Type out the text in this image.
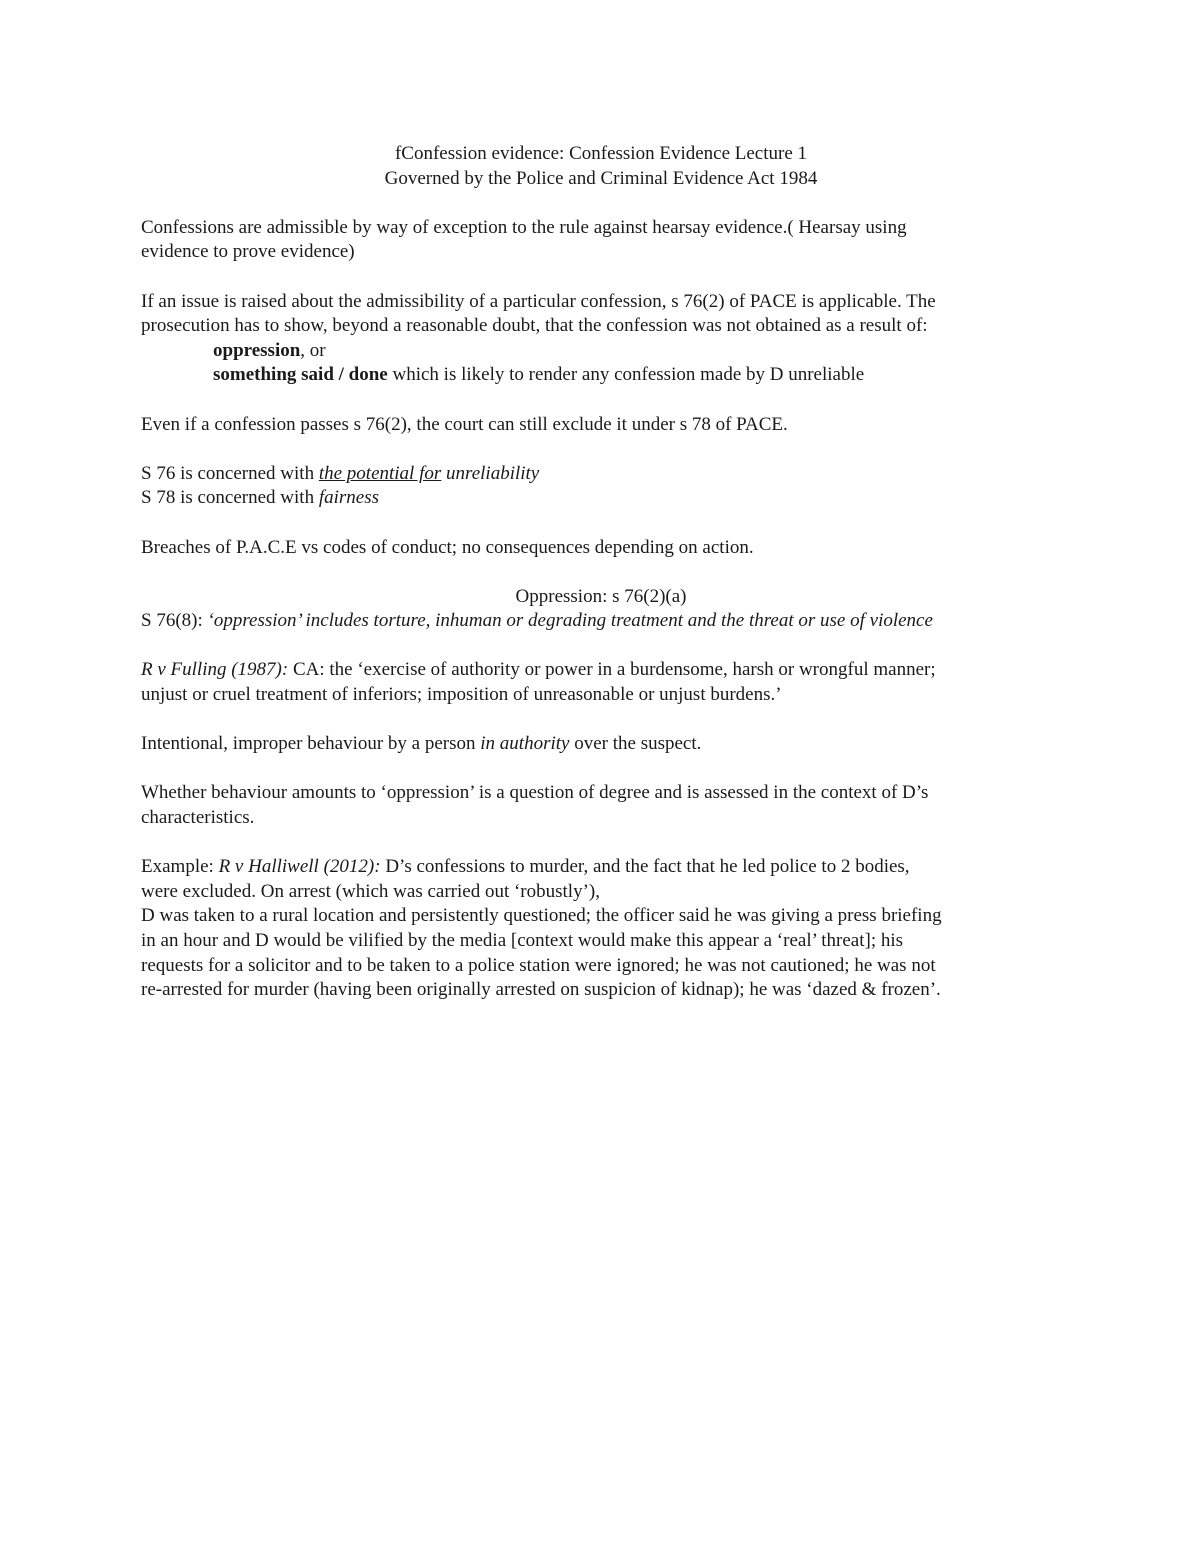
fConfession evidence: Confession Evidence Lecture 1

Governed by the Police and Criminal Evidence Act 1984

Confessions are admissible by way of exception to the rule against hearsay evidence.( Hearsay using

evidence to prove evidence)

If an issue is raised about the admissibility of a particular confession, s 76(2) of PACE is applicable. The

prosecution has to show, beyond a reasonable doubt, that the confession was not obtained as a result of:

oppression, or

something said / done which is likely to render any confession made by D unreliable

Even if a confession passes s 76(2), the court can still exclude it under s 78 of PACE.

S 76 is concerned with the potential for unreliability

S 78 is concerned with fairness

Breaches of P.A.C.E vs codes of conduct; no consequences depending on action.

Oppression: s 76(2)(a)

S 76(8): ‘oppression’ includes torture, inhuman or degrading treatment and the threat or use of violence

R v Fulling (1987): CA: the ‘exercise of authority or power in a burdensome, harsh or wrongful manner;

unjust or cruel treatment of inferiors; imposition of unreasonable or unjust burdens.’

Intentional, improper behaviour by a person in authority over the suspect.

Whether behaviour amounts to ‘oppression’ is a question of degree and is assessed in the context of D’s

characteristics.

Example: R v Halliwell (2012): D’s confessions to murder, and the fact that he led police to 2 bodies,

were excluded. On arrest (which was carried out ‘robustly’),

D was taken to a rural location and persistently questioned; the officer said he was giving a press briefing

in an hour and D would be vilified by the media [context would make this appear a ‘real’ threat]; his

requests for a solicitor and to be taken to a police station were ignored; he was not cautioned; he was not

re-arrested for murder (having been originally arrested on suspicion of kidnap); he was ‘dazed & frozen’.
